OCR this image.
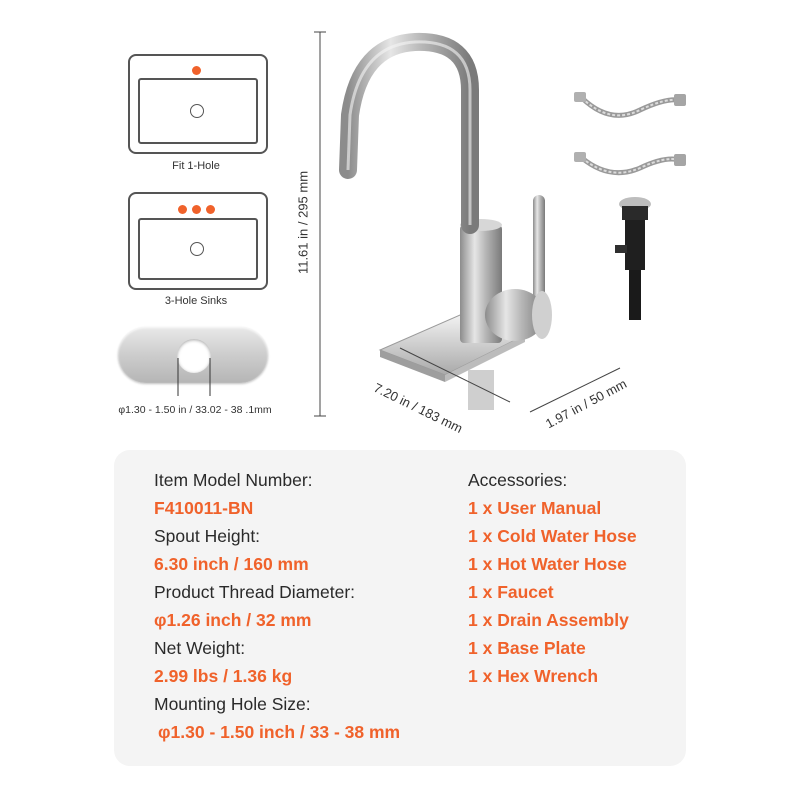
Fit 1-Hole
3-Hole Sinks
φ1.30 - 1.50 in / 33.02 - 38 .1mm
11.61 in / 295 mm
7.20 in / 183 mm	1.97 in / 50 mm
Item Model Number:
F410011-BN
Spout Height:
6.30 inch / 160 mm
Product Thread Diameter:
φ1.26 inch / 32 mm
Net Weight:
2.99 lbs / 1.36 kg
Mounting Hole Size:
φ1.30 - 1.50 inch / 33 - 38 mm
Accessories:
1 x User Manual
1 x Cold Water Hose
1 x Hot Water Hose
1 x Faucet
1 x Drain Assembly
1 x Base Plate
1 x Hex Wrench
